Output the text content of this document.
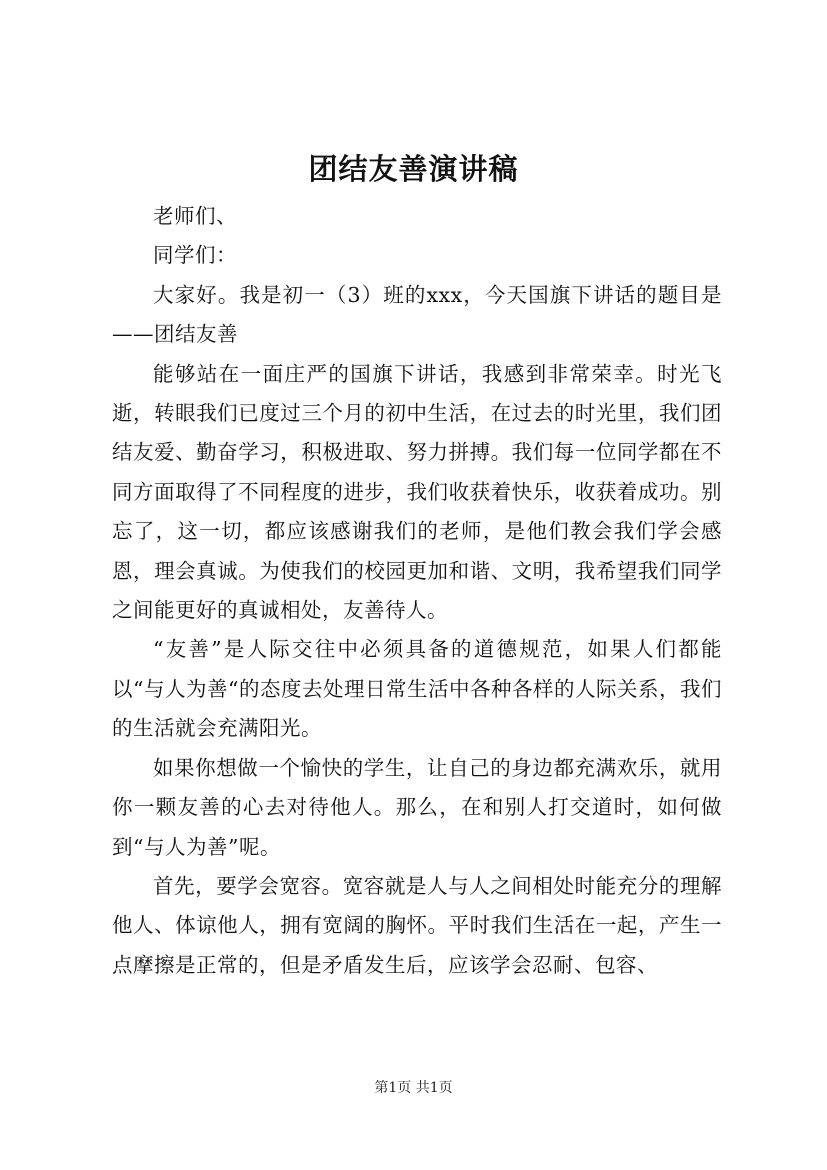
团结友善演讲稿

老师们、

同学们：

大家好。我是初一（3）班的xxx，今天国旗下讲话的题目是——团结友善

能够站在一面庄严的国旗下讲话，我感到非常荣幸。时光飞逝，转眼我们已度过三个月的初中生活，在过去的时光里，我们团结友爱、勤奋学习，积极进取、努力拼搏。我们每一位同学都在不同方面取得了不同程度的进步，我们收获着快乐，收获着成功。别忘了，这一切，都应该感谢我们的老师，是他们教会我们学会感恩，理会真诚。为使我们的校园更加和谐、文明，我希望我们同学之间能更好的真诚相处，友善待人。

“友善”是人际交往中必须具备的道德规范，如果人们都能以“与人为善“的态度去处理日常生活中各种各样的人际关系，我们的生活就会充满阳光。

如果你想做一个愉快的学生，让自己的身边都充满欢乐，就用你一颗友善的心去对待他人。那么，在和别人打交道时，如何做到“与人为善”呢。

首先，要学会宽容。宽容就是人与人之间相处时能充分的理解他人、体谅他人，拥有宽阔的胸怀。平时我们生活在一起，产生一点摩擦是正常的，但是矛盾发生后，应该学会忍耐、包容、

第1页 共1页
